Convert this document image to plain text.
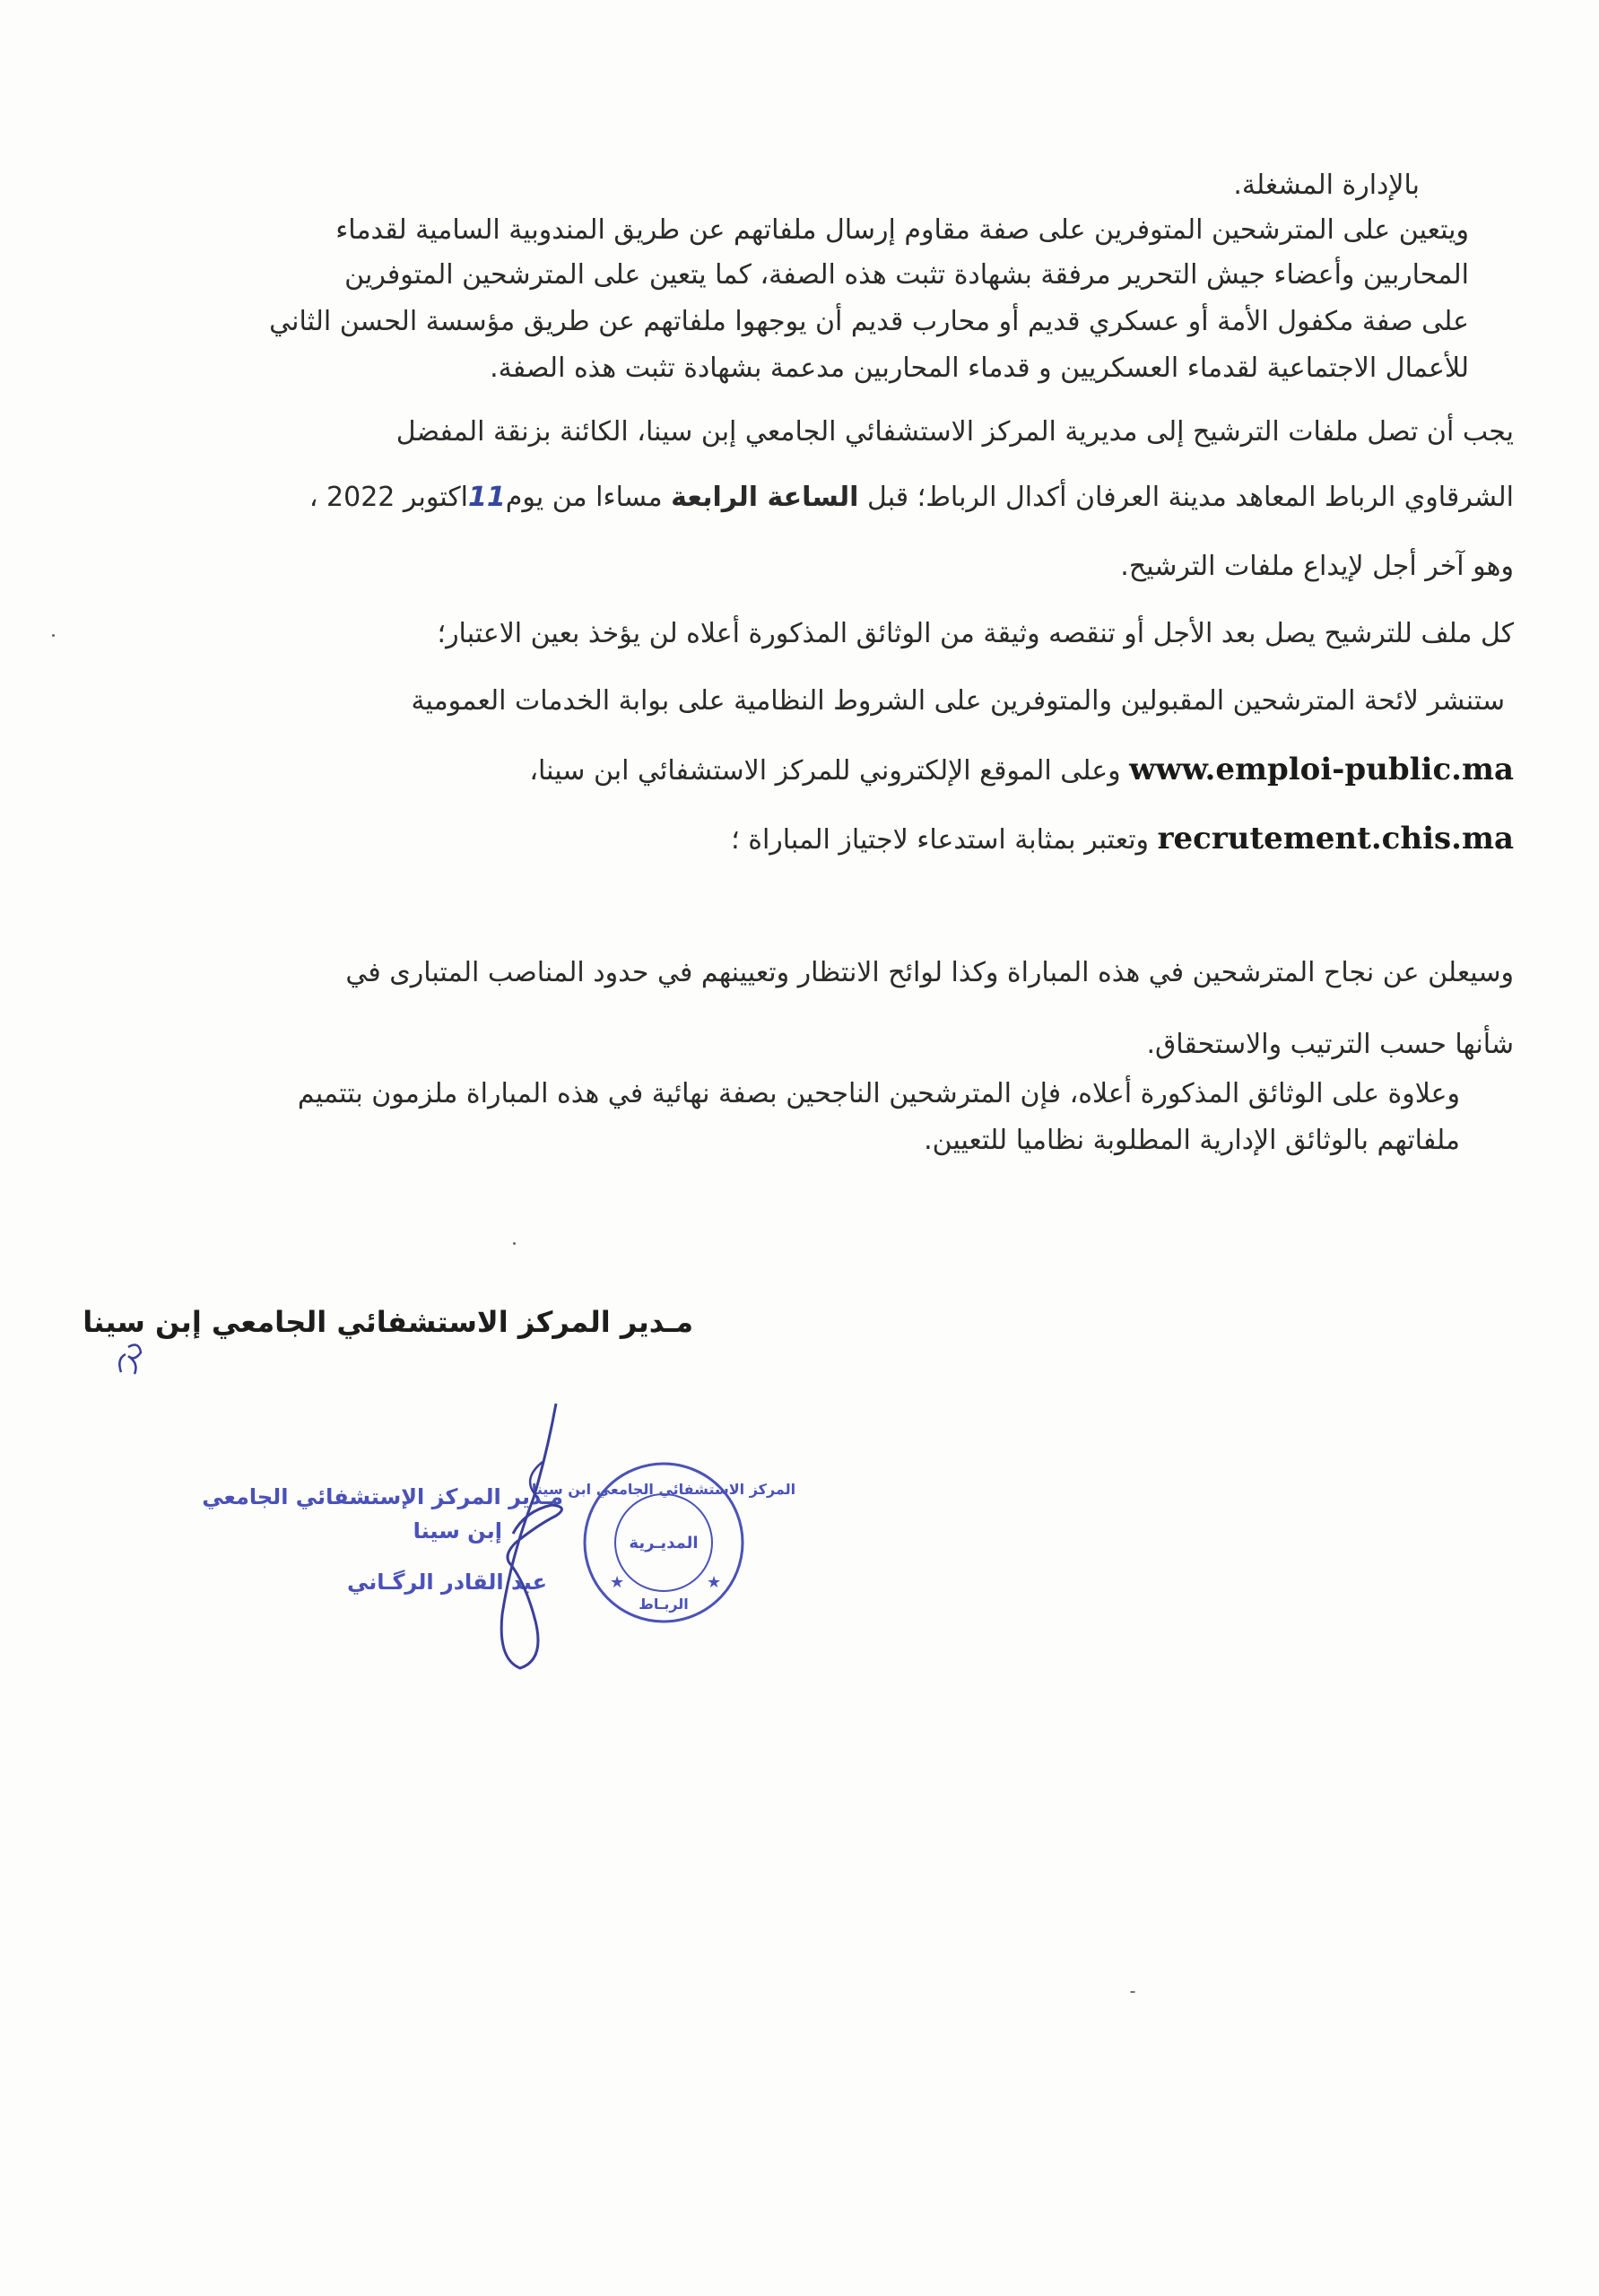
بالإدارة المشغلة.
ويتعين على المترشحين المتوفرين على صفة مقاوم إرسال ملفاتهم عن طريق المندوبية السامية لقدماء
المحاربين وأعضاء جيش التحرير مرفقة بشهادة تثبت هذه الصفة، كما يتعين على المترشحين المتوفرين
على صفة مكفول الأمة أو عسكري قديم أو محارب قديم أن يوجهوا ملفاتهم عن طريق مؤسسة الحسن الثاني
للأعمال الاجتماعية لقدماء العسكريين و قدماء المحاربين مدعمة بشهادة تثبت هذه الصفة.
يجب أن تصل ملفات الترشيح إلى مديرية المركز الاستشفائي الجامعي إبن سينا، الكائنة بزنقة المفضل
الشرقاوي الرباط المعاهد مدينة العرفان أكدال الرباط؛ قبل الساعة الرابعة مساءا من يوم11اكتوبر 2022 ،
وهو آخر أجل لإيداع ملفات الترشيح.
كل ملف للترشيح يصل بعد الأجل أو تنقصه وثيقة من الوثائق المذكورة أعلاه لن يؤخذ بعين الاعتبار؛
ستنشر لائحة المترشحين المقبولين والمتوفرين على الشروط النظامية على بوابة الخدمات العمومية
www.emploi-public.ma وعلى الموقع الإلكتروني للمركز الاستشفائي ابن سينا،
recrutement.chis.ma وتعتبر بمثابة استدعاء لاجتياز المباراة ؛
وسيعلن عن نجاح المترشحين في هذه المباراة وكذا لوائح الانتظار وتعيينهم في حدود المناصب المتبارى في
شأنها حسب الترتيب والاستحقاق.
وعلاوة على الوثائق المذكورة أعلاه، فإن المترشحين الناجحين بصفة نهائية في هذه المباراة ملزمون بتتميم
ملفاتهم بالوثائق الإدارية المطلوبة نظاميا للتعيين.
مـدير المركز الاستشفائي الجامعي إبن سينا
مـدير المركز الإستشفائي الجامعي
إبن سينا
عبد القادر الرگـاني
المركز الاستشفائي الجامعي ابن سينا
المديـرية
الربـاط
★	★
